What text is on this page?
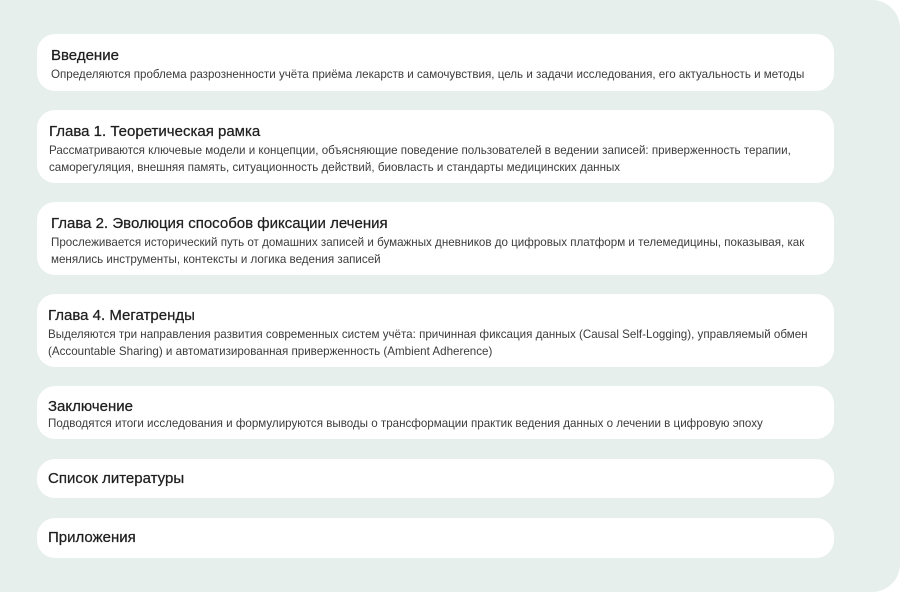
Введение
Определяются проблема разрозненности учёта приёма лекарств и самочувствия, цель и задачи исследования, его актуальность и методы
Глава 1. Теоретическая рамка
Рассматриваются ключевые модели и концепции, объясняющие поведение пользователей в ведении записей: приверженность терапии, саморегуляция, внешняя память, ситуационность действий, биовласть и стандарты медицинских данных
Глава 2. Эволюция способов фиксации лечения
Прослеживается исторический путь от домашних записей и бумажных дневников до цифровых платформ и телемедицины, показывая, как менялись инструменты, контексты и логика ведения записей
Глава 4. Мегатренды
Выделяются три направления развития современных систем учёта: причинная фиксация данных (Causal Self-Logging), управляемый обмен (Accountable Sharing) и автоматизированная приверженность (Ambient Adherence)
Заключение
Подводятся итоги исследования и формулируются выводы о трансформации практик ведения данных о лечении в цифровую эпоху
Список литературы
Приложения
